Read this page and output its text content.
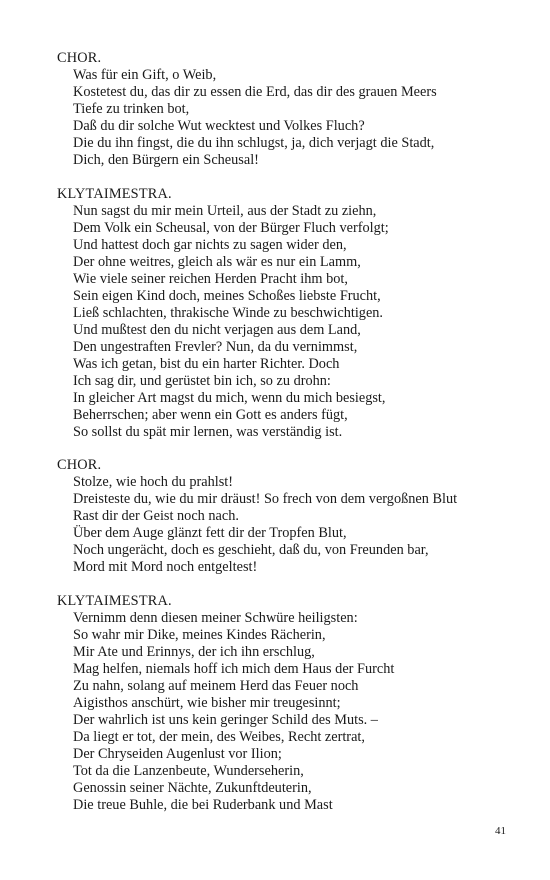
CHOR.
Was für ein Gift, o Weib,
Kostetest du, das dir zu essen die Erd, das dir des grauen Meers
Tiefe zu trinken bot,
Daß du dir solche Wut wecktest und Volkes Fluch?
Die du ihn fingst, die du ihn schlugst, ja, dich verjagt die Stadt,
Dich, den Bürgern ein Scheusal!
KLYTAIMESTRA.
Nun sagst du mir mein Urteil, aus der Stadt zu ziehn,
Dem Volk ein Scheusal, von der Bürger Fluch verfolgt;
Und hattest doch gar nichts zu sagen wider den,
Der ohne weitres, gleich als wär es nur ein Lamm,
Wie viele seiner reichen Herden Pracht ihm bot,
Sein eigen Kind doch, meines Schoßes liebste Frucht,
Ließ schlachten, thrakische Winde zu beschwichtigen.
Und mußtest den du nicht verjagen aus dem Land,
Den ungestraften Frevler? Nun, da du vernimmst,
Was ich getan, bist du ein harter Richter. Doch
Ich sag dir, und gerüstet bin ich, so zu drohn:
In gleicher Art magst du mich, wenn du mich besiegst,
Beherrschen; aber wenn ein Gott es anders fügt,
So sollst du spät mir lernen, was verständig ist.
CHOR.
Stolze, wie hoch du prahlst!
Dreisteste du, wie du mir dräust! So frech von dem vergoßnen Blut
Rast dir der Geist noch nach.
Über dem Auge glänzt fett dir der Tropfen Blut,
Noch ungerächt, doch es geschieht, daß du, von Freunden bar,
Mord mit Mord noch entgeltest!
KLYTAIMESTRA.
Vernimm denn diesen meiner Schwüre heiligsten:
So wahr mir Dike, meines Kindes Rächerin,
Mir Ate und Erinnys, der ich ihn erschlug,
Mag helfen, niemals hoff ich mich dem Haus der Furcht
Zu nahn, solang auf meinem Herd das Feuer noch
Aigisthos anschürt, wie bisher mir treugesinnt;
Der wahrlich ist uns kein geringer Schild des Muts. –
Da liegt er tot, der mein, des Weibes, Recht zertrat,
Der Chryseiden Augenlust vor Ilion;
Tot da die Lanzenbeute, Wunderseherin,
Genossin seiner Nächte, Zukunftdeuterin,
Die treue Buhle, die bei Ruderbank und Mast
41
